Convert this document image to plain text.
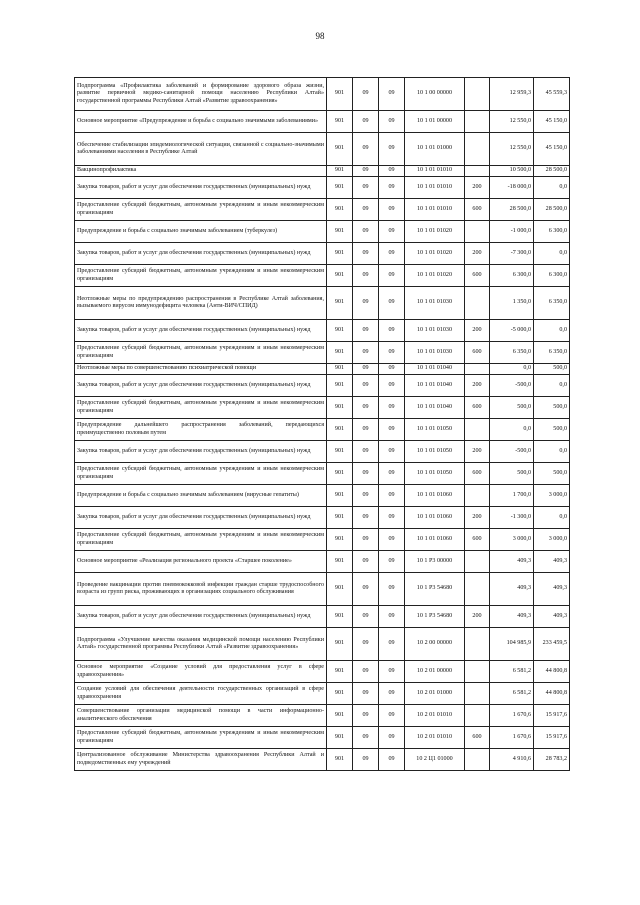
98
Подпрограмма «Профилактика заболеваний и формирование здорового образа жизни, развитие первичной медико-санитарной помощи населению Республики Алтай» государственной программы Республики Алтай «Развитие здравоохранения»	901	09	09	10 1 00 00000		12 959,3	45 559,3
Основное мероприятие «Предупреждение и борьба с социально значимыми заболеваниями»	901	09	09	10 1 01 00000		12 550,0	45 150,0
Обеспечение стабилизации эпидемиологической ситуации, связанной с социально-значимыми заболеваниями населения в Республике Алтай	901	09	09	10 1 01 01000		12 550,0	45 150,0
Вакцинопрофилактика	901	09	09	10 1 01 01010		10 500,0	28 500,0
Закупка товаров, работ и услуг для обеспечения государственных (муниципальных) нужд	901	09	09	10 1 01 01010	200	-18 000,0	0,0
Предоставление субсидий бюджетным, автономным учреждениям и иным некоммерческим организациям	901	09	09	10 1 01 01010	600	28 500,0	28 500,0
Предупреждение и борьба с социально значимым заболеванием (туберкулез)	901	09	09	10 1 01 01020		-1 000,0	6 300,0
Закупка товаров, работ и услуг для обеспечения государственных (муниципальных) нужд	901	09	09	10 1 01 01020	200	-7 300,0	0,0
Предоставление субсидий бюджетным, автономным учреждениям и иным некоммерческим организациям	901	09	09	10 1 01 01020	600	6 300,0	6 300,0
Неотложные меры по предупреждению распространения в Республике Алтай заболевания, вызываемого вирусом иммунодефицита человека (Анти-ВИЧ/СПИД)	901	09	09	10 1 01 01030		1 350,0	6 350,0
Закупка товаров, работ и услуг для обеспечения государственных (муниципальных) нужд	901	09	09	10 1 01 01030	200	-5 000,0	0,0
Предоставление субсидий бюджетным, автономным учреждениям и иным некоммерческим организациям	901	09	09	10 1 01 01030	600	6 350,0	6 350,0
Неотложные меры по совершенствованию психиатрической помощи	901	09	09	10 1 01 01040		0,0	500,0
Закупка товаров, работ и услуг для обеспечения государственных (муниципальных) нужд	901	09	09	10 1 01 01040	200	-500,0	0,0
Предоставление субсидий бюджетным, автономным учреждениям и иным некоммерческим организациям	901	09	09	10 1 01 01040	600	500,0	500,0
Предупреждение дальнейшего распространения заболеваний, передающихся преимущественно половым путем	901	09	09	10 1 01 01050		0,0	500,0
Закупка товаров, работ и услуг для обеспечения государственных (муниципальных) нужд	901	09	09	10 1 01 01050	200	-500,0	0,0
Предоставление субсидий бюджетным, автономным учреждениям и иным некоммерческим организациям	901	09	09	10 1 01 01050	600	500,0	500,0
Предупреждение и борьба с социально значимым заболеванием (вирусные гепатиты)	901	09	09	10 1 01 01060		1 700,0	3 000,0
Закупка товаров, работ и услуг для обеспечения государственных (муниципальных) нужд	901	09	09	10 1 01 01060	200	-1 300,0	0,0
Предоставление субсидий бюджетным, автономным учреждениям и иным некоммерческим организациям	901	09	09	10 1 01 01060	600	3 000,0	3 000,0
Основное мероприятие «Реализация регионального проекта «Старшее поколение»	901	09	09	10 1 P3 00000		409,3	409,3
Проведение вакцинации против пневмококковой инфекции граждан старше трудоспособного возраста из групп риска, проживающих в организациях социального обслуживания	901	09	09	10 1 P3 54680		409,3	409,3
Закупка товаров, работ и услуг для обеспечения государственных (муниципальных) нужд	901	09	09	10 1 P3 54680	200	409,3	409,3
Подпрограмма «Улучшение качества оказания медицинской помощи населению Республики Алтай» государственной программы Республики Алтай «Развитие здравоохранения»	901	09	09	10 2 00 00000		104 985,9	233 459,5
Основное мероприятие «Создание условий для предоставления услуг в сфере здравоохранения»	901	09	09	10 2 01 00000		6 581,2	44 800,8
Создание условий для обеспечения деятельности государственных организаций в сфере здравоохранения	901	09	09	10 2 01 01000		6 581,2	44 800,8
Совершенствование организации медицинской помощи в части информационно-аналитического обеспечения	901	09	09	10 2 01 01010		1 670,6	15 917,6
Предоставление субсидий бюджетным, автономным учреждениям и иным некоммерческим организациям	901	09	09	10 2 01 01010	600	1 670,6	15 917,6
Централизованное обслуживание Министерства здравоохранения Республики Алтай и подведомственных ему учреждений	901	09	09	10 2 Ц1 01000		4 910,6	28 783,2
